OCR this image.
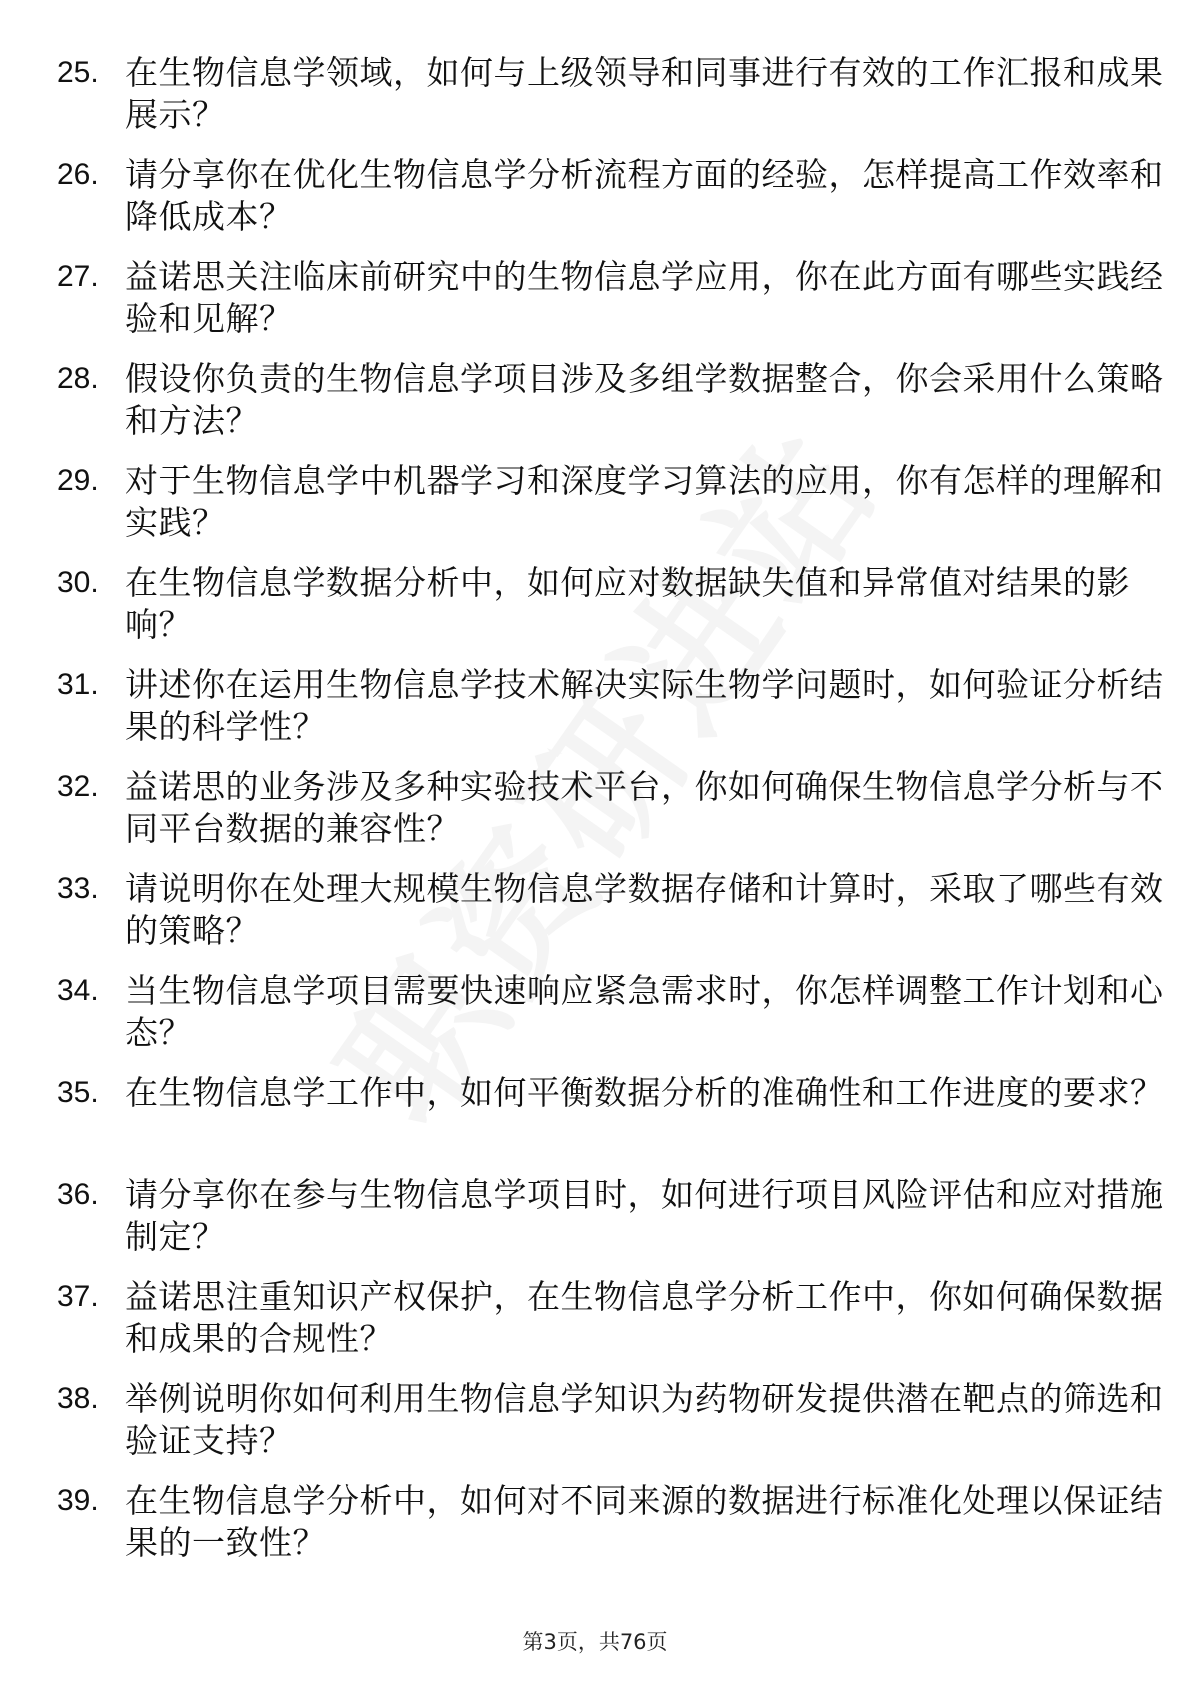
25. 在生物信息学领域，如何与上级领导和同事进行有效的工作汇报和成果展示？
26. 请分享你在优化生物信息学分析流程方面的经验，怎样提高工作效率和降低成本？
27. 益诺思关注临床前研究中的生物信息学应用，你在此方面有哪些实践经验和见解？
28. 假设你负责的生物信息学项目涉及多组学数据整合，你会采用什么策略和方法？
29. 对于生物信息学中机器学习和深度学习算法的应用，你有怎样的理解和实践？
30. 在生物信息学数据分析中，如何应对数据缺失值和异常值对结果的影响？
31. 讲述你在运用生物信息学技术解决实际生物学问题时，如何验证分析结果的科学性？
32. 益诺思的业务涉及多种实验技术平台，你如何确保生物信息学分析与不同平台数据的兼容性？
33. 请说明你在处理大规模生物信息学数据存储和计算时，采取了哪些有效的策略？
34. 当生物信息学项目需要快速响应紧急需求时，你怎样调整工作计划和心态？
35. 在生物信息学工作中，如何平衡数据分析的准确性和工作进度的要求？
36. 请分享你在参与生物信息学项目时，如何进行项目风险评估和应对措施制定？
37. 益诺思注重知识产权保护，在生物信息学分析工作中，你如何确保数据和成果的合规性？
38. 举例说明你如何利用生物信息学知识为药物研发提供潜在靶点的筛选和验证支持？
39. 在生物信息学分析中，如何对不同来源的数据进行标准化处理以保证结果的一致性？
第3页，共76页
